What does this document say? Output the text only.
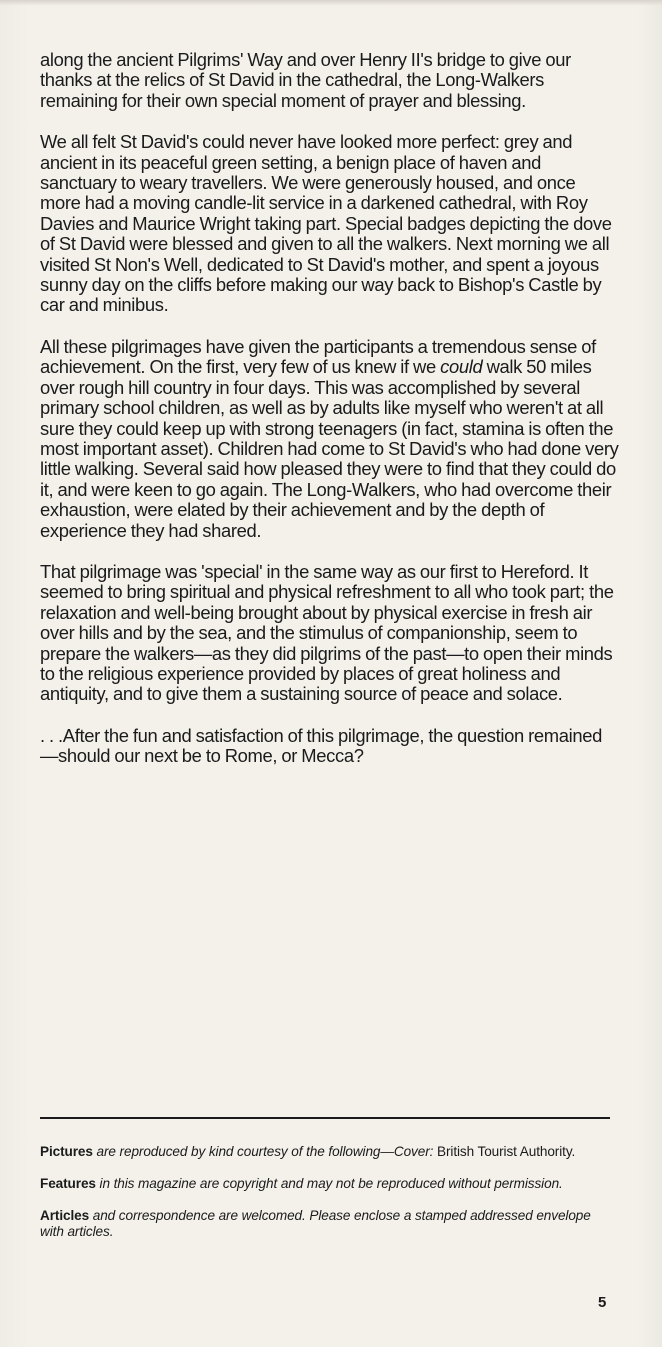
along the ancient Pilgrims' Way and over Henry II's bridge to give our thanks at the relics of St David in the cathedral, the Long-Walkers remaining for their own special moment of prayer and blessing.

We all felt St David's could never have looked more perfect: grey and ancient in its peaceful green setting, a benign place of haven and sanctuary to weary travellers. We were generously housed, and once more had a moving candle-lit service in a darkened cathedral, with Roy Davies and Maurice Wright taking part. Special badges depicting the dove of St David were blessed and given to all the walkers. Next morning we all visited St Non's Well, dedicated to St David's mother, and spent a joyous sunny day on the cliffs before making our way back to Bishop's Castle by car and minibus.

All these pilgrimages have given the participants a tremendous sense of achievement. On the first, very few of us knew if we could walk 50 miles over rough hill country in four days. This was accomplished by several primary school children, as well as by adults like myself who weren't at all sure they could keep up with strong teenagers (in fact, stamina is often the most important asset). Children had come to St David's who had done very little walking. Several said how pleased they were to find that they could do it, and were keen to go again. The Long-Walkers, who had overcome their exhaustion, were elated by their achievement and by the depth of experience they had shared.

That pilgrimage was 'special' in the same way as our first to Hereford. It seemed to bring spiritual and physical refreshment to all who took part; the relaxation and well-being brought about by physical exercise in fresh air over hills and by the sea, and the stimulus of companionship, seem to prepare the walkers—as they did pilgrims of the past—to open their minds to the religious experience provided by places of great holiness and antiquity, and to give them a sustaining source of peace and solace.

. . .After the fun and satisfaction of this pilgrimage, the question remained—should our next be to Rome, or Mecca?

Pictures are reproduced by kind courtesy of the following—Cover: British Tourist Authority.

Features in this magazine are copyright and may not be reproduced without permission.

Articles and correspondence are welcomed. Please enclose a stamped addressed envelope with articles.

5
